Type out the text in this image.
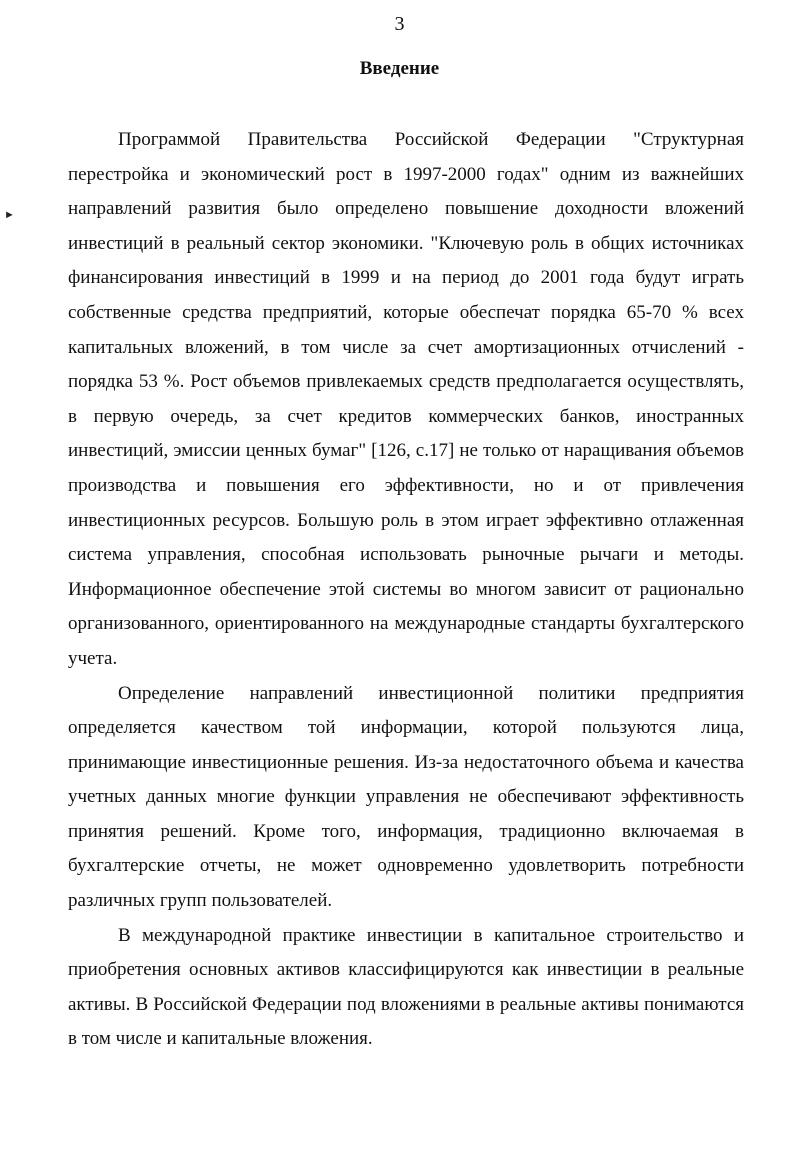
3
Введение
►

Программой Правительства Российской Федерации "Структурная перестройка и экономический рост в 1997-2000 годах" одним из важнейших направлений развития было определено повышение доходности вложений инвестиций в реальный сектор экономики. "Ключевую роль в общих источниках финансирования инвестиций в 1999 и на период до 2001 года будут играть собственные средства предприятий, которые обеспечат порядка 65-70 % всех капитальных вложений, в том числе за счет амортизационных отчислений - порядка 53 %. Рост объемов привлекаемых средств предполагается осуществлять, в первую очередь, за счет кредитов коммерческих банков, иностранных инвестиций, эмиссии ценных бумаг" [126, с.17] не только от наращивания объемов производства и повышения его эффективности, но и от привлечения инвестиционных ресурсов. Большую роль в этом играет эффективно отлаженная система управления, способная использовать рыночные рычаги и методы. Информационное обеспечение этой системы во многом зависит от рационально организованного, ориентированного на международные стандарты бухгалтерского учета.

Определение направлений инвестиционной политики предприятия определяется качеством той информации, которой пользуются лица, принимающие инвестиционные решения. Из-за недостаточного объема и качества учетных данных многие функции управления не обеспечивают эффективность принятия решений. Кроме того, информация, традиционно включаемая в бухгалтерские отчеты, не может одновременно удовлетворить потребности различных групп пользователей.

В международной практике инвестиции в капитальное строительство и приобретения основных активов классифицируются как инвестиции в реальные активы. В Российской Федерации под вложениями в реальные активы понимаются в том числе и капитальные вложения.
